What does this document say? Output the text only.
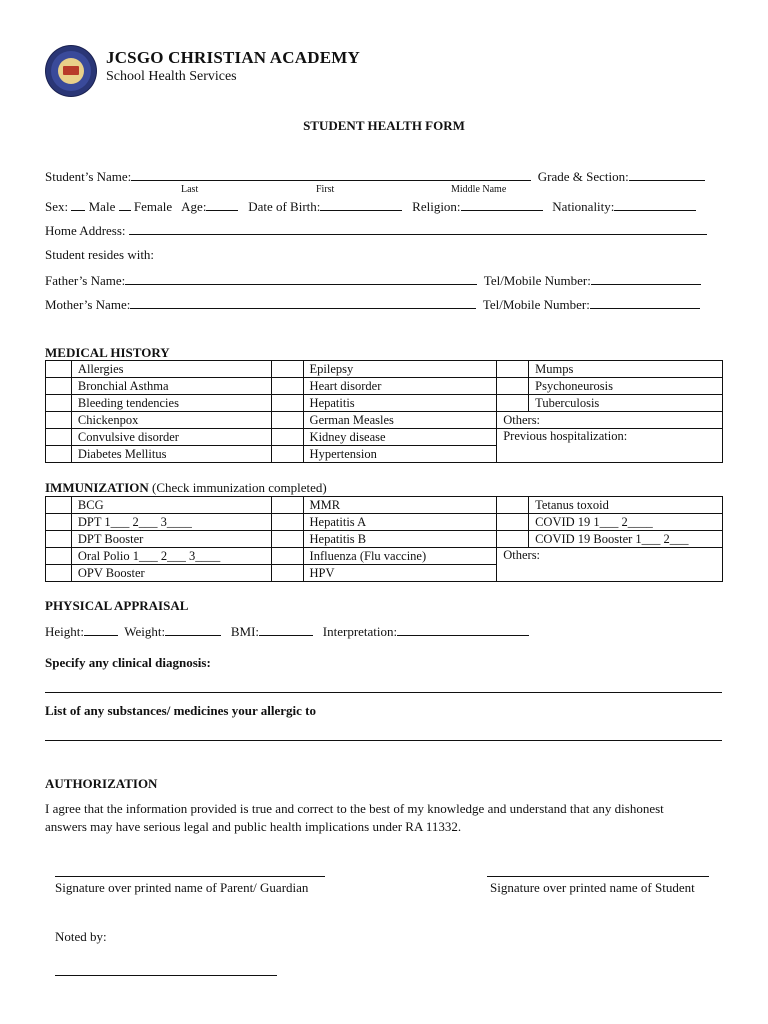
JCSGO CHRISTIAN ACADEMY
School Health Services
STUDENT HEALTH FORM
Student’s Name:	Grade & Section:
Last	First	Middle Name
Sex: Male Female Age:	Date of Birth:	Religion:	Nationality:
Home Address:
Student resides with:
Father’s Name:	Tel/Mobile Number:
Mother’s Name:	Tel/Mobile Number:
MEDICAL HISTORY
	Allergies		Epilepsy		Mumps
	Bronchial Asthma		Heart disorder		Psychoneurosis
	Bleeding tendencies		Hepatitis		Tuberculosis
	Chickenpox		German Measles	Others:	
	Convulsive disorder		Kidney disease	Previous hospitalization:	
	Diabetes Mellitus		Hypertension		
IMMUNIZATION (Check immunization completed)
	BCG		MMR		Tetanus toxoid
	DPT 1___ 2___ 3____		Hepatitis A		COVID 19 1___ 2____
	DPT Booster		Hepatitis B		COVID 19 Booster 1___ 2___
	Oral Polio 1___ 2___ 3____		Influenza (Flu vaccine)	Others:	
	OPV Booster		HPV		
PHYSICAL APPRAISAL
Height:	Weight:	BMI:	Interpretation:
Specify any clinical diagnosis:
List of any substances/ medicines your allergic to
AUTHORIZATION
I agree that the information provided is true and correct to the best of my knowledge and understand that any dishonest
answers may have serious legal and public health implications under RA 11332.
Signature over printed name of Parent/ Guardian	Signature over printed name of Student
Noted by:
